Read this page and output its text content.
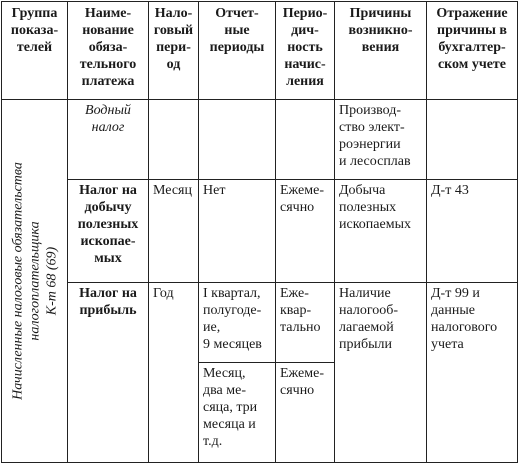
Группа
показа-
телей	Наиме-
нование
обяза-
тельного
платежа	Нало-
говый
пери-
од	Отчет-
ные
периоды	Перио-
дич-
ность
начис-
ления	Причины
возникно-
вения	Отражение
причины в
бухгалтер-
ском учете

Начисленные налоговые обязательства налогоплательщика К-т 68 (69)	Водный
налог				Производ-
ство элект-
роэнергии
и лесосплав	
	Налог на
добычу
полезных
ископае-
мых	Месяц	Нет	Ежеме-
сячно	Добыча
полезных
ископаемых	Д-т 43
	Налог на
прибыль	Год	I квартал,
полугоде-
ие,
9 месяцев	Еже-
квар-
тально	Наличие
налогооб-
лагаемой
прибыли	Д-т 99 и
данные
налогового
учета
			Месяц,
два ме-
сяца, три
месяца и
т.д.	Ежеме-
сячно		
